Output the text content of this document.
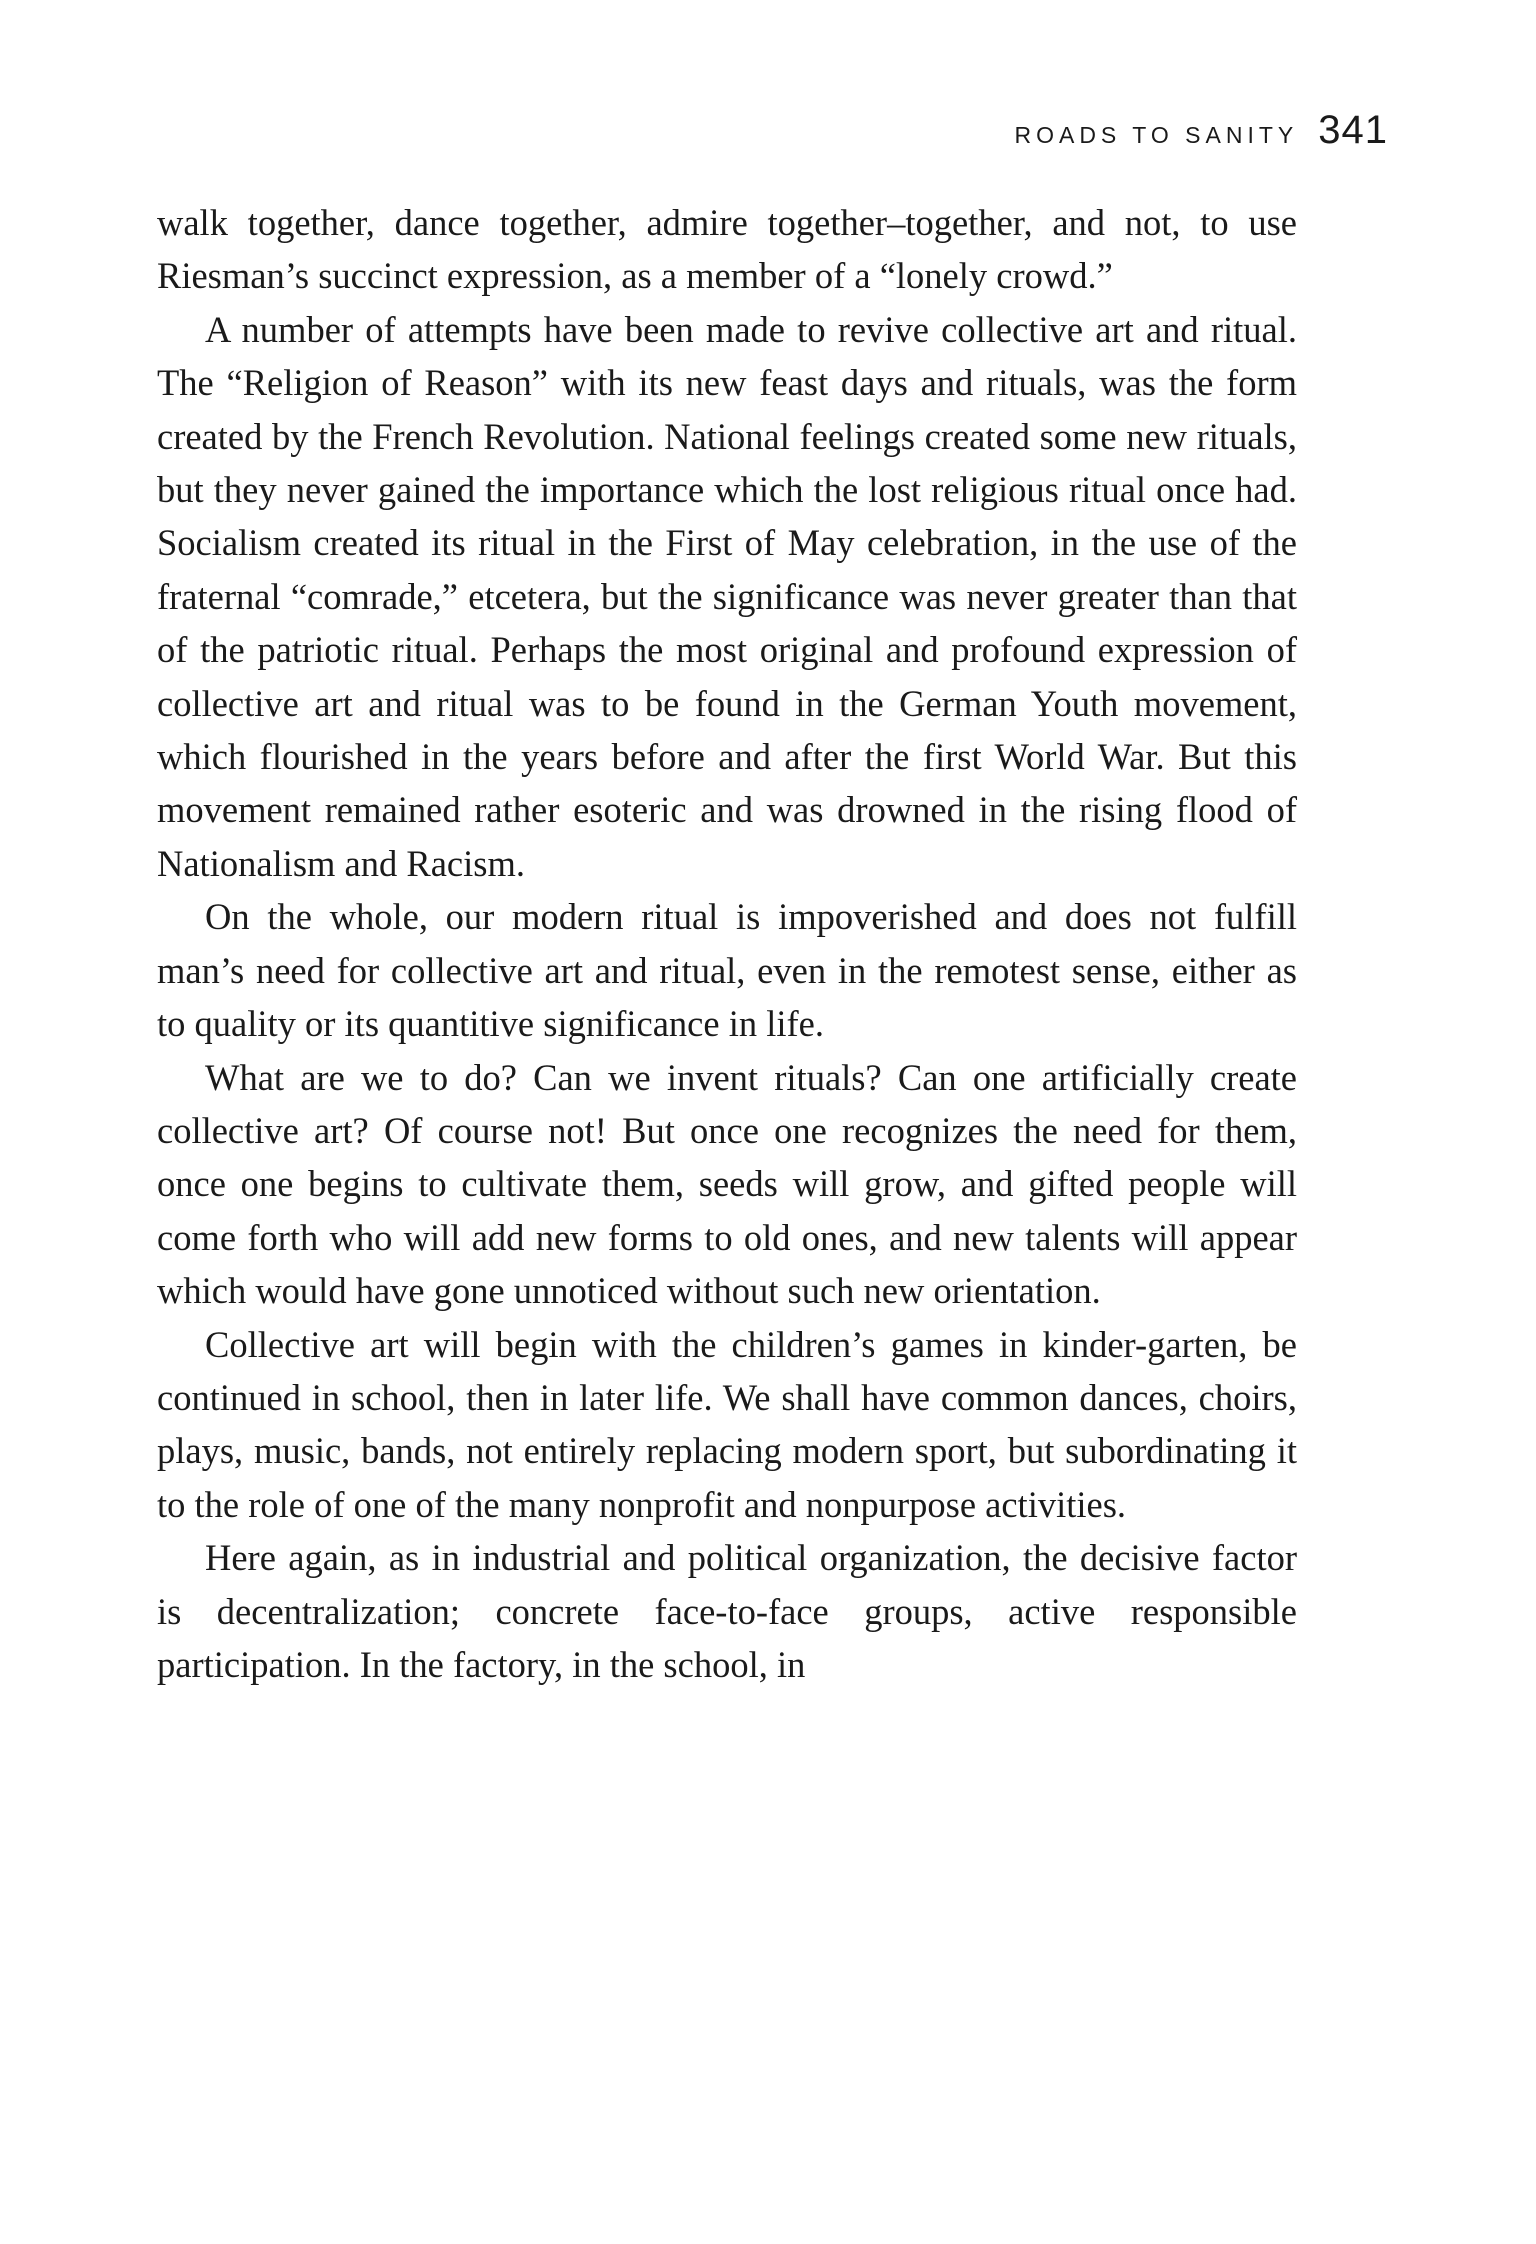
ROADS TO SANITY 341

walk together, dance together, admire together–together, and not, to use Riesman’s succinct expression, as a member of a “lonely crowd.”

A number of attempts have been made to revive collective art and ritual. The “Religion of Reason” with its new feast days and rituals, was the form created by the French Revolution. National feelings created some new rituals, but they never gained the importance which the lost religious ritual once had. Socialism created its ritual in the First of May celebration, in the use of the fraternal “comrade,” etcetera, but the significance was never greater than that of the patriotic ritual. Perhaps the most original and profound expression of collective art and ritual was to be found in the German Youth movement, which flourished in the years before and after the first World War. But this movement remained rather esoteric and was drowned in the rising flood of Nationalism and Racism.

On the whole, our modern ritual is impoverished and does not fulfill man’s need for collective art and ritual, even in the remotest sense, either as to quality or its quantitive significance in life.

What are we to do? Can we invent rituals? Can one artificially create collective art? Of course not! But once one recognizes the need for them, once one begins to cultivate them, seeds will grow, and gifted people will come forth who will add new forms to old ones, and new talents will appear which would have gone unnoticed without such new orientation.

Collective art will begin with the children’s games in kinder-garten, be continued in school, then in later life. We shall have common dances, choirs, plays, music, bands, not entirely replacing modern sport, but subordinating it to the role of one of the many nonprofit and nonpurpose activities.

Here again, as in industrial and political organization, the decisive factor is decentralization; concrete face-to-face groups, active responsible participation. In the factory, in the school, in
